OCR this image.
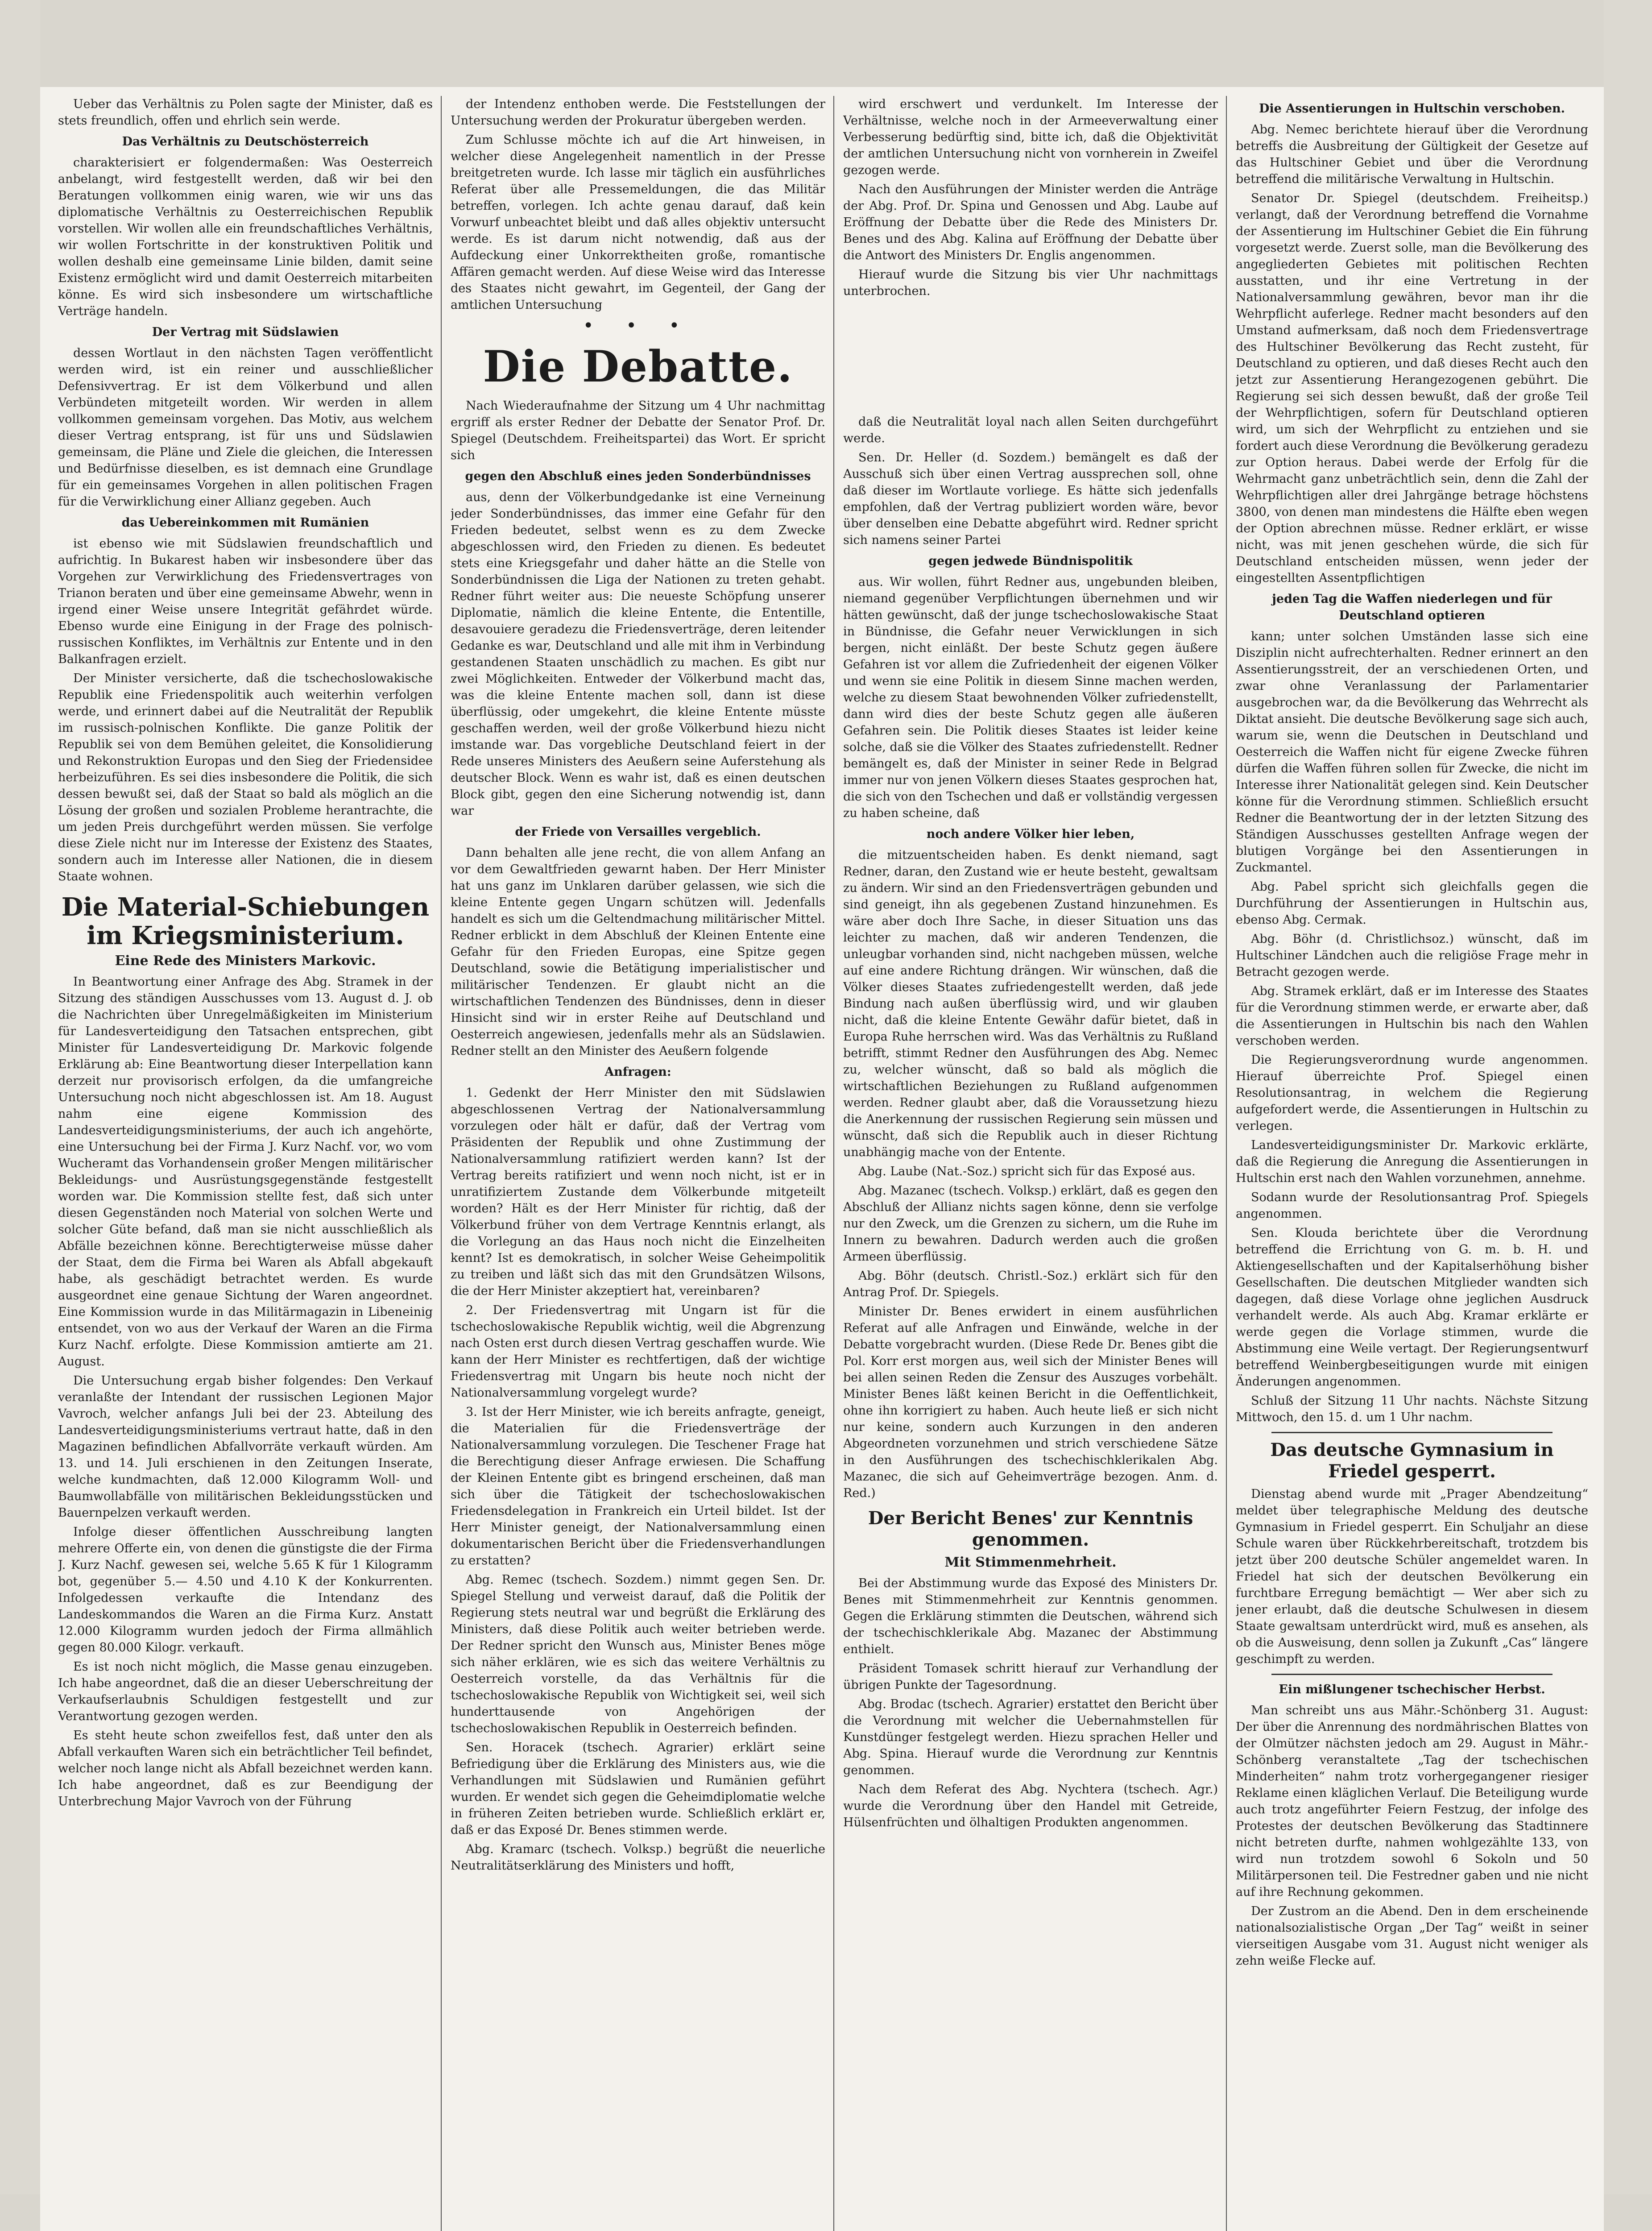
Ueber das Verhältnis zu Polen sagte der Minister, daß es stets freundlich, offen und ehrlich sein werde.

Das Verhältnis zu Deutschösterreich

charakterisiert er folgendermaßen: Was Oesterreich anbelangt, wird festgestellt werden, daß wir bei den Beratungen vollkommen einig waren, wie wir uns das diplomatische Verhältnis zu Oesterreichischen Republik vorstellen. Wir wollen alle ein freundschaftliches Verhältnis, wir wollen Fortschritte in der konstruktiven Politik und wollen deshalb eine gemeinsame Linie bilden, damit seine Existenz ermöglicht wird und damit Oesterreich mitarbeiten könne. Es wird sich insbesondere um wirtschaftliche Verträge handeln.

Der Vertrag mit Südslawien

dessen Wortlaut in den nächsten Tagen veröffentlicht werden wird, ist ein reiner und ausschließlicher Defensivvertrag. Er ist dem Völkerbund und allen Verbündeten mitgeteilt worden. Wir werden in allem vollkommen gemeinsam vorgehen. Das Motiv, aus welchem dieser Vertrag entsprang, ist für uns und Südslawien gemeinsam, die Pläne und Ziele die gleichen, die Interessen und Bedürfnisse dieselben, es ist demnach eine Grundlage für ein gemeinsames Vorgehen in allen politischen Fragen für die Verwirklichung einer Allianz gegeben. Auch

das Uebereinkommen mit Rumänien

ist ebenso wie mit Südslawien freundschaftlich und aufrichtig. In Bukarest haben wir insbesondere über das Vorgehen zur Verwirklichung des Friedensvertrages von Trianon beraten und über eine gemeinsame Abwehr, wenn in irgend einer Weise unsere Integrität gefährdet würde. Ebenso wurde eine Einigung in der Frage des polnisch-russischen Konfliktes, im Verhältnis zur Entente und in den Balkanfragen erzielt.

Der Minister versicherte, daß die tschechoslowakische Republik eine Friedenspolitik auch weiterhin verfolgen werde, und erinnert dabei auf die Neutralität der Republik im russisch-polnischen Konflikte. Die ganze Politik der Republik sei von dem Bemühen geleitet, die Konsolidierung und Rekonstruktion Europas und den Sieg der Friedensidee herbeizuführen. Es sei dies insbesondere die Politik, die sich dessen bewußt sei, daß der Staat so bald als möglich an die Lösung der großen und sozialen Probleme herantrachte, die um jeden Preis durchgeführt werden müssen. Sie verfolge diese Ziele nicht nur im Interesse der Existenz des Staates, sondern auch im Interesse aller Nationen, die in diesem Staate wohnen.

Die Material-Schiebungen im Kriegsministerium.
Eine Rede des Ministers Markovic.

In Beantwortung einer Anfrage des Abg. Stramek in der Sitzung des ständigen Ausschusses vom 13. August d. J. ob die Nachrichten über Unregelmäßigkeiten im Ministerium für Landesverteidigung den Tatsachen entsprechen, gibt Minister für Landesverteidigung Dr. Markovic folgende Erklärung ab: Eine Beantwortung dieser Interpellation kann derzeit nur provisorisch erfolgen, da die umfangreiche Untersuchung noch nicht abgeschlossen ist. Am 18. August nahm eine eigene Kommission des Landesverteidigungsministeriums, der auch ich angehörte, eine Untersuchung bei der Firma J. Kurz Nachf. vor, wo vom Wucheramt das Vorhandensein großer Mengen militärischer Bekleidungs- und Ausrüstungsgegenstände festgestellt worden war. Die Kommission stellte fest, daß sich unter diesen Gegenständen noch Material von solchen Werte und solcher Güte befand, daß man sie nicht ausschließlich als Abfälle bezeichnen könne. Berechtigterweise müsse daher der Staat, dem die Firma bei Waren als Abfall abgekauft habe, als geschädigt betrachtet werden. Es wurde ausgeordnet eine genaue Sichtung der Waren angeordnet. Eine Kommission wurde in das Militärmagazin in Libeneinig entsendet, von wo aus der Verkauf der Waren an die Firma Kurz Nachf. erfolgte. Diese Kommission amtierte am 21. August.

Die Untersuchung ergab bisher folgendes: Den Verkauf veranlaßte der Intendant der russischen Legionen Major Vavroch, welcher anfangs Juli bei der 23. Abteilung des Landesverteidigungsministeriums vertraut hatte, daß in den Magazinen befindlichen Abfallvorräte verkauft würden. Am 13. und 14. Juli erschienen in den Zeitungen Inserate, welche kundmachten, daß 12.000 Kilogramm Woll- und Baumwollabfälle von militärischen Bekleidungsstücken und Bauernpelzen verkauft werden.

Infolge dieser öffentlichen Ausschreibung langten mehrere Offerte ein, von denen die günstigste die der Firma J. Kurz Nachf. gewesen sei, welche 5.65 K für 1 Kilogramm bot, gegenüber 5.— 4.50 und 4.10 K der Konkurrenten. Infolgedessen verkaufte die Intendanz des Landeskommandos die Waren an die Firma Kurz. Anstatt 12.000 Kilogramm wurden jedoch der Firma allmählich gegen 80.000 Kilogr. verkauft.

Es ist noch nicht möglich, die Masse genau einzugeben. Ich habe angeordnet, daß die an dieser Ueberschreitung der Verkaufserlaubnis Schuldigen festgestellt und zur Verantwortung gezogen werden.

Es steht heute schon zweifellos fest, daß unter den als Abfall verkauften Waren sich ein beträchtlicher Teil befindet, welcher noch lange nicht als Abfall bezeichnet werden kann. Ich habe angeordnet, daß es zur Beendigung der Unterbrechung Major Vavroch von der Führung

der Intendenz enthoben werde. Die Feststellungen der Untersuchung werden der Prokuratur übergeben werden.

Zum Schlusse möchte ich auf die Art hinweisen, in welcher diese Angelegenheit namentlich in der Presse breitgetreten wurde. Ich lasse mir täglich ein ausführliches Referat über alle Pressemeldungen, die das Militär betreffen, vorlegen. Ich achte genau darauf, daß kein Vorwurf unbeachtet bleibt und daß alles objektiv untersucht werde. Es ist darum nicht notwendig, daß aus der Aufdeckung einer Unkorrektheiten große, romantische Affären gemacht werden. Auf diese Weise wird das Interesse des Staates nicht gewahrt, im Gegenteil, der Gang der amtlichen Untersuchung

• • •
Die Debatte.

Nach Wiederaufnahme der Sitzung um 4 Uhr nachmittag ergriff als erster Redner der Debatte der Senator Prof. Dr. Spiegel (Deutschdem. Freiheitspartei) das Wort. Er spricht sich

gegen den Abschluß eines jeden Sonderbündnisses

aus, denn der Völkerbundgedanke ist eine Verneinung jeder Sonderbündnisses, das immer eine Gefahr für den Frieden bedeutet, selbst wenn es zu dem Zwecke abgeschlossen wird, den Frieden zu dienen. Es bedeutet stets eine Kriegsgefahr und daher hätte an die Stelle von Sonderbündnissen die Liga der Nationen zu treten gehabt. Redner führt weiter aus: Die neueste Schöpfung unserer Diplomatie, nämlich die kleine Entente, die Ententille, desavouiere geradezu die Friedensverträge, deren leitender Gedanke es war, Deutschland und alle mit ihm in Verbindung gestandenen Staaten unschädlich zu machen. Es gibt nur zwei Möglichkeiten. Entweder der Völkerbund macht das, was die kleine Entente machen soll, dann ist diese überflüssig, oder umgekehrt, die kleine Entente müsste geschaffen werden, weil der große Völkerbund hiezu nicht imstande war. Das vorgebliche Deutschland feiert in der Rede unseres Ministers des Aeußern seine Auferstehung als deutscher Block. Wenn es wahr ist, daß es einen deutschen Block gibt, gegen den eine Sicherung notwendig ist, dann war

der Friede von Versailles vergeblich.

Dann behalten alle jene recht, die von allem Anfang an vor dem Gewaltfrieden gewarnt haben. Der Herr Minister hat uns ganz im Unklaren darüber gelassen, wie sich die kleine Entente gegen Ungarn schützen will. Jedenfalls handelt es sich um die Geltendmachung militärischer Mittel. Redner erblickt in dem Abschluß der Kleinen Entente eine Gefahr für den Frieden Europas, eine Spitze gegen Deutschland, sowie die Betätigung imperialistischer und militärischer Tendenzen. Er glaubt nicht an die wirtschaftlichen Tendenzen des Bündnisses, denn in dieser Hinsicht sind wir in erster Reihe auf Deutschland und Oesterreich angewiesen, jedenfalls mehr als an Südslawien. Redner stellt an den Minister des Aeußern folgende

Anfragen:

1. Gedenkt der Herr Minister den mit Südslawien abgeschlossenen Vertrag der Nationalversammlung vorzulegen oder hält er dafür, daß der Vertrag vom Präsidenten der Republik und ohne Zustimmung der Nationalversammlung ratifiziert werden kann? Ist der Vertrag bereits ratifiziert und wenn noch nicht, ist er in unratifiziertem Zustande dem Völkerbunde mitgeteilt worden? Hält es der Herr Minister für richtig, daß der Völkerbund früher von dem Vertrage Kenntnis erlangt, als die Vorlegung an das Haus noch nicht die Einzelheiten kennt? Ist es demokratisch, in solcher Weise Geheimpolitik zu treiben und läßt sich das mit den Grundsätzen Wilsons, die der Herr Minister akzeptiert hat, vereinbaren?

2. Der Friedensvertrag mit Ungarn ist für die tschechoslowakische Republik wichtig, weil die Abgrenzung nach Osten erst durch diesen Vertrag geschaffen wurde. Wie kann der Herr Minister es rechtfertigen, daß der wichtige Friedensvertrag mit Ungarn bis heute noch nicht der Nationalversammlung vorgelegt wurde?

3. Ist der Herr Minister, wie ich bereits anfragte, geneigt, die Materialien für die Friedensverträge der Nationalversammlung vorzulegen. Die Teschener Frage hat die Berechtigung dieser Anfrage erwiesen. Die Schaffung der Kleinen Entente gibt es bringend erscheinen, daß man sich über die Tätigkeit der tschechoslowakischen Friedensdelegation in Frankreich ein Urteil bildet. Ist der Herr Minister geneigt, der Nationalversammlung einen dokumentarischen Bericht über die Friedensverhandlungen zu erstatten?

Abg. Remec (tschech. Sozdem.) nimmt gegen Sen. Dr. Spiegel Stellung und verweist darauf, daß die Politik der Regierung stets neutral war und begrüßt die Erklärung des Ministers, daß diese Politik auch weiter betrieben werde. Der Redner spricht den Wunsch aus, Minister Benes möge sich näher erklären, wie es sich das weitere Verhältnis zu Oesterreich vorstelle, da das Verhältnis für die tschechoslowakische Republik von Wichtigkeit sei, weil sich hunderttausende von Angehörigen der tschechoslowakischen Republik in Oesterreich befinden.

Sen. Horacek (tschech. Agrarier) erklärt seine Befriedigung über die Erklärung des Ministers aus, wie die Verhandlungen mit Südslawien und Rumänien geführt wurden. Er wendet sich gegen die Geheimdiplomatie welche in früheren Zeiten betrieben wurde. Schließlich erklärt er, daß er das Exposé Dr. Benes stimmen werde.

Abg. Kramarc (tschech. Volksp.) begrüßt die neuerliche Neutralitätserklärung des Ministers und hofft,

wird erschwert und verdunkelt. Im Interesse der Verhältnisse, welche noch in der Armeeverwaltung einer Verbesserung bedürftig sind, bitte ich, daß die Objektivität der amtlichen Untersuchung nicht von vornherein in Zweifel gezogen werde.

Nach den Ausführungen der Minister werden die Anträge der Abg. Prof. Dr. Spina und Genossen und Abg. Laube auf Eröffnung der Debatte über die Rede des Ministers Dr. Benes und des Abg. Kalina auf Eröffnung der Debatte über die Antwort des Ministers Dr. Englis angenommen.

Hierauf wurde die Sitzung bis vier Uhr nachmittags unterbrochen.

daß die Neutralität loyal nach allen Seiten durchgeführt werde.

Sen. Dr. Heller (d. Sozdem.) bemängelt es daß der Ausschuß sich über einen Vertrag aussprechen soll, ohne daß dieser im Wortlaute vorliege. Es hätte sich jedenfalls empfohlen, daß der Vertrag publiziert worden wäre, bevor über denselben eine Debatte abgeführt wird. Redner spricht sich namens seiner Partei

gegen jedwede Bündnispolitik

aus. Wir wollen, führt Redner aus, ungebunden bleiben, niemand gegenüber Verpflichtungen übernehmen und wir hätten gewünscht, daß der junge tschechoslowakische Staat in Bündnisse, die Gefahr neuer Verwicklungen in sich bergen, nicht einläßt. Der beste Schutz gegen äußere Gefahren ist vor allem die Zufriedenheit der eigenen Völker und wenn sie eine Politik in diesem Sinne machen werden, welche zu diesem Staat bewohnenden Völker zufriedenstellt, dann wird dies der beste Schutz gegen alle äußeren Gefahren sein. Die Politik dieses Staates ist leider keine solche, daß sie die Völker des Staates zufriedenstellt. Redner bemängelt es, daß der Minister in seiner Rede in Belgrad immer nur von jenen Völkern dieses Staates gesprochen hat, die sich von den Tschechen und daß er vollständig vergessen zu haben scheine, daß

noch andere Völker hier leben,

die mitzuentscheiden haben. Es denkt niemand, sagt Redner, daran, den Zustand wie er heute besteht, gewaltsam zu ändern. Wir sind an den Friedensverträgen gebunden und sind geneigt, ihn als gegebenen Zustand hinzunehmen. Es wäre aber doch Ihre Sache, in dieser Situation uns das leichter zu machen, daß wir anderen Tendenzen, die unleugbar vorhanden sind, nicht nachgeben müssen, welche auf eine andere Richtung drängen. Wir wünschen, daß die Völker dieses Staates zufriedengestellt werden, daß jede Bindung nach außen überflüssig wird, und wir glauben nicht, daß die kleine Entente Gewähr dafür bietet, daß in Europa Ruhe herrschen wird. Was das Verhältnis zu Rußland betrifft, stimmt Redner den Ausführungen des Abg. Nemec zu, welcher wünscht, daß so bald als möglich die wirtschaftlichen Beziehungen zu Rußland aufgenommen werden. Redner glaubt aber, daß die Voraussetzung hiezu die Anerkennung der russischen Regierung sein müssen und wünscht, daß sich die Republik auch in dieser Richtung unabhängig mache von der Entente.

Abg. Laube (Nat.-Soz.) spricht sich für das Exposé aus.

Abg. Mazanec (tschech. Volksp.) erklärt, daß es gegen den Abschluß der Allianz nichts sagen könne, denn sie verfolge nur den Zweck, um die Grenzen zu sichern, um die Ruhe im Innern zu bewahren. Dadurch werden auch die großen Armeen überflüssig.

Abg. Böhr (deutsch. Christl.-Soz.) erklärt sich für den Antrag Prof. Dr. Spiegels.

Minister Dr. Benes erwidert in einem ausführlichen Referat auf alle Anfragen und Einwände, welche in der Debatte vorgebracht wurden. (Diese Rede Dr. Benes gibt die Pol. Korr erst morgen aus, weil sich der Minister Benes will bei allen seinen Reden die Zensur des Auszuges vorbehält. Minister Benes läßt keinen Bericht in die Oeffentlichkeit, ohne ihn korrigiert zu haben. Auch heute ließ er sich nicht nur keine, sondern auch Kurzungen in den anderen Abgeordneten vorzunehmen und strich verschiedene Sätze in den Ausführungen des tschechischklerikalen Abg. Mazanec, die sich auf Geheimverträge bezogen. Anm. d. Red.)

Der Bericht Benes' zur Kenntnis genommen.
Mit Stimmenmehrheit.

Bei der Abstimmung wurde das Exposé des Ministers Dr. Benes mit Stimmenmehrheit zur Kenntnis genommen. Gegen die Erklärung stimmten die Deutschen, während sich der tschechischklerikale Abg. Mazanec der Abstimmung enthielt.

Präsident Tomasek schritt hierauf zur Verhandlung der übrigen Punkte der Tagesordnung.

Abg. Brodac (tschech. Agrarier) erstattet den Bericht über die Verordnung mit welcher die Uebernahmstellen für Kunstdünger festgelegt werden. Hiezu sprachen Heller und Abg. Spina. Hierauf wurde die Verordnung zur Kenntnis genommen.

Nach dem Referat des Abg. Nychtera (tschech. Agr.) wurde die Verordnung über den Handel mit Getreide, Hülsenfrüchten und ölhaltigen Produkten angenommen.

Die Assentierungen in Hultschin verschoben.

Abg. Nemec berichtete hierauf über die Verordnung betreffs die Ausbreitung der Gültigkeit der Gesetze auf das Hultschiner Gebiet und über die Verordnung betreffend die militärische Verwaltung in Hultschin.

Senator Dr. Spiegel (deutschdem. Freiheitsp.) verlangt, daß der Verordnung betreffend die Vornahme der Assentierung im Hultschiner Gebiet die Ein führung vorgesetzt werde. Zuerst solle, man die Bevölkerung des angegliederten Gebietes mit politischen Rechten ausstatten, und ihr eine Vertretung in der Nationalversammlung gewähren, bevor man ihr die Wehrpflicht auferlege. Redner macht besonders auf den Umstand aufmerksam, daß noch dem Friedensvertrage des Hultschiner Bevölkerung das Recht zusteht, für Deutschland zu optieren, und daß dieses Recht auch den jetzt zur Assentierung Herangezogenen gebührt. Die Regierung sei sich dessen bewußt, daß der große Teil der Wehrpflichtigen, sofern für Deutschland optieren wird, um sich der Wehrpflicht zu entziehen und sie fordert auch diese Verordnung die Bevölkerung geradezu zur Option heraus. Dabei werde der Erfolg für die Wehrmacht ganz unbeträchtlich sein, denn die Zahl der Wehrpflichtigen aller drei Jahrgänge betrage höchstens 3800, von denen man mindestens die Hälfte eben wegen der Option abrechnen müsse. Redner erklärt, er wisse nicht, was mit jenen geschehen würde, die sich für Deutschland entscheiden müssen, wenn jeder der eingestellten Assentpflichtigen

jeden Tag die Waffen niederlegen und für Deutschland optieren

kann; unter solchen Umständen lasse sich eine Disziplin nicht aufrechterhalten. Redner erinnert an den Assentierungsstreit, der an verschiedenen Orten, und zwar ohne Veranlassung der Parlamentarier ausgebrochen war, da die Bevölkerung das Wehrrecht als Diktat ansieht. Die deutsche Bevölkerung sage sich auch, warum sie, wenn die Deutschen in Deutschland und Oesterreich die Waffen nicht für eigene Zwecke führen dürfen die Waffen führen sollen für Zwecke, die nicht im Interesse ihrer Nationalität gelegen sind. Kein Deutscher könne für die Verordnung stimmen. Schließlich ersucht Redner die Beantwortung der in der letzten Sitzung des Ständigen Ausschusses gestellten Anfrage wegen der blutigen Vorgänge bei den Assentierungen in Zuckmantel.

Abg. Pabel spricht sich gleichfalls gegen die Durchführung der Assentierungen in Hultschin aus, ebenso Abg. Cermak.

Abg. Böhr (d. Christlichsoz.) wünscht, daß im Hultschiner Ländchen auch die religiöse Frage mehr in Betracht gezogen werde.

Abg. Stramek erklärt, daß er im Interesse des Staates für die Verordnung stimmen werde, er erwarte aber, daß die Assentierungen in Hultschin bis nach den Wahlen verschoben werden.

Die Regierungsverordnung wurde angenommen. Hierauf überreichte Prof. Spiegel einen Resolutionsantrag, in welchem die Regierung aufgefordert werde, die Assentierungen in Hultschin zu verlegen.

Landesverteidigungsminister Dr. Markovic erklärte, daß die Regierung die Anregung die Assentierungen in Hultschin erst nach den Wahlen vorzunehmen, annehme.

Sodann wurde der Resolutionsantrag Prof. Spiegels angenommen.

Sen. Klouda berichtete über die Verordnung betreffend die Errichtung von G. m. b. H. und Aktiengesellschaften und der Kapitalserhöhung bisher Gesellschaften. Die deutschen Mitglieder wandten sich dagegen, daß diese Vorlage ohne jeglichen Ausdruck verhandelt werde. Als auch Abg. Kramar erklärte er werde gegen die Vorlage stimmen, wurde die Abstimmung eine Weile vertagt. Der Regierungsentwurf betreffend Weinbergbeseitigungen wurde mit einigen Änderungen angenommen.

Schluß der Sitzung 11 Uhr nachts. Nächste Sitzung Mittwoch, den 15. d. um 1 Uhr nachm.

Das deutsche Gymnasium in Friedel gesperrt.

Dienstag abend wurde mit „Prager Abendzeitung“ meldet über telegraphische Meldung des deutsche Gymnasium in Friedel gesperrt. Ein Schuljahr an diese Schule waren über Rückkehrbereitschaft, trotzdem bis jetzt über 200 deutsche Schüler angemeldet waren. In Friedel hat sich der deutschen Bevölkerung ein furchtbare Erregung bemächtigt — Wer aber sich zu jener erlaubt, daß die deutsche Schulwesen in diesem Staate gewaltsam unterdrückt wird, muß es ansehen, als ob die Ausweisung, denn sollen ja Zukunft „Cas“ längere geschimpft zu werden.

Ein mißlungener tschechischer Herbst.

Man schreibt uns aus Mähr.-Schönberg 31. August: Der über die Anrennung des nordmährischen Blattes von der Olmützer nächsten jedoch am 29. August in Mähr.-Schönberg veranstaltete „Tag der tschechischen Minderheiten“ nahm trotz vorhergegangener riesiger Reklame einen kläglichen Verlauf. Die Beteiligung wurde auch trotz angeführter Feiern Festzug, der infolge des Protestes der deutschen Bevölkerung das Stadtinnere nicht betreten durfte, nahmen wohlgezählte 133, von wird nun trotzdem sowohl 6 Sokoln und 50 Militärpersonen teil. Die Festredner gaben und nie nicht auf ihre Rechnung gekommen.

Der Zustrom an die Abend. Den in dem erscheinende nationalsozialistische Organ „Der Tag“ weißt in seiner vierseitigen Ausgabe vom 31. August nicht weniger als zehn weiße Flecke auf.
